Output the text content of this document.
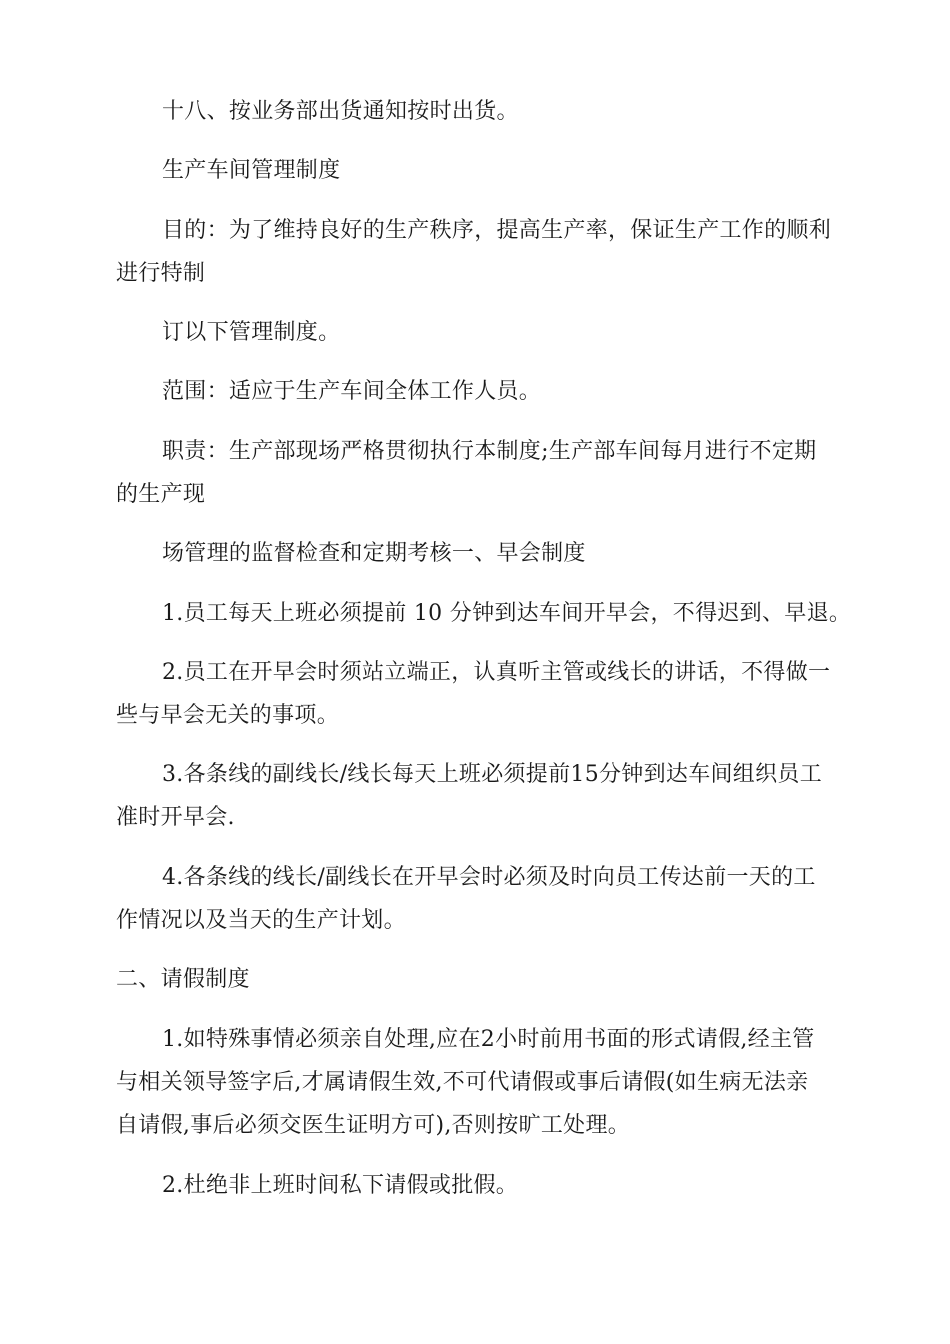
十八、按业务部出货通知按时出货。
生产车间管理制度
目的：为了维持良好的生产秩序，提高生产率，保证生产工作的顺利
进行特制
订以下管理制度。
范围：适应于生产车间全体工作人员。
职责：生产部现场严格贯彻执行本制度;生产部车间每月进行不定期
的生产现
场管理的监督检查和定期考核一、早会制度
1.员工每天上班必须提前 10 分钟到达车间开早会，不得迟到、早退。
2.员工在开早会时须站立端正，认真听主管或线长的讲话，不得做一
些与早会无关的事项。
3.各条线的副线长/线长每天上班必须提前15分钟到达车间组织员工
准时开早会.
4.各条线的线长/副线长在开早会时必须及时向员工传达前一天的工
作情况以及当天的生产计划。
二、请假制度
1.如特殊事情必须亲自处理,应在2小时前用书面的形式请假,经主管
与相关领导签字后,才属请假生效,不可代请假或事后请假(如生病无法亲
自请假,事后必须交医生证明方可),否则按旷工处理。
2.杜绝非上班时间私下请假或批假。
